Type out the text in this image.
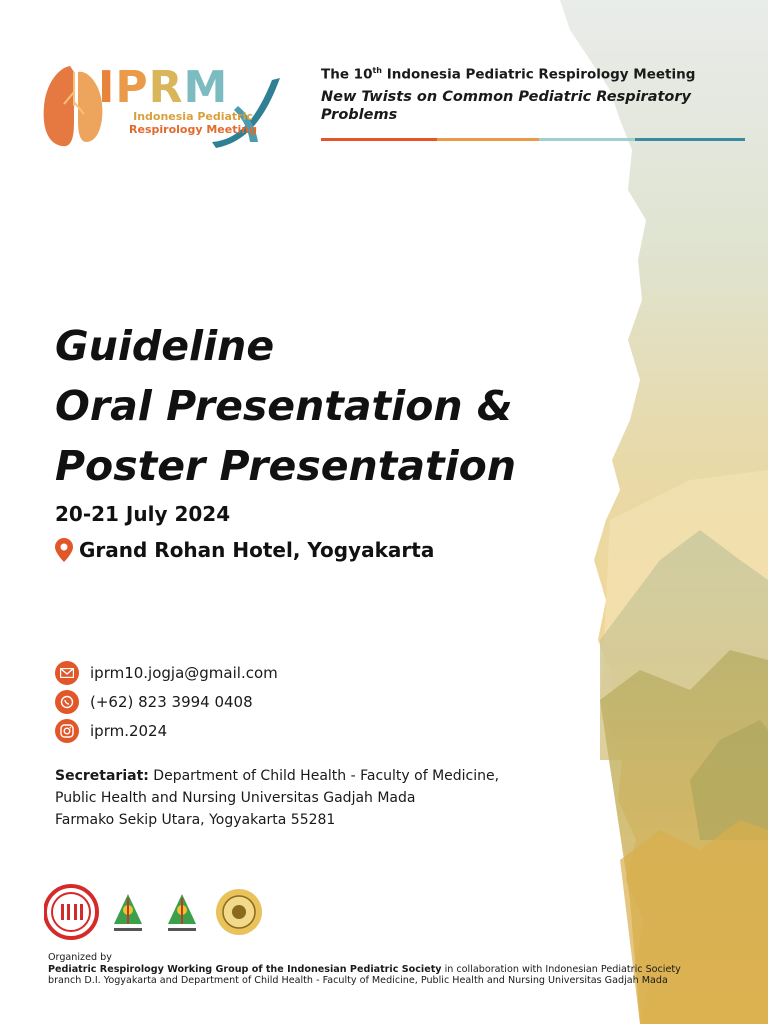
IPRM
Indonesia Pediatric
Respirology Meeting
The 10th Indonesia Pediatric Respirology Meeting
New Twists on Common Pediatric Respiratory
Problems
Guideline
Oral Presentation &
Poster Presentation
20-21 July 2024
Grand Rohan Hotel, Yogyakarta
iprm10.jogja@gmail.com
(+62) 823 3994 0408
iprm.2024
Secretariat: Department of Child Health - Faculty of Medicine,
Public Health and Nursing Universitas Gadjah Mada
Farmako Sekip Utara, Yogyakarta 55281
Organized by
Pediatric Respirology Working Group of the Indonesian Pediatric Society in collaboration with Indonesian Pediatric Society
branch D.I. Yogyakarta and Department of Child Health - Faculty of Medicine, Public Health and Nursing Universitas Gadjah Mada
